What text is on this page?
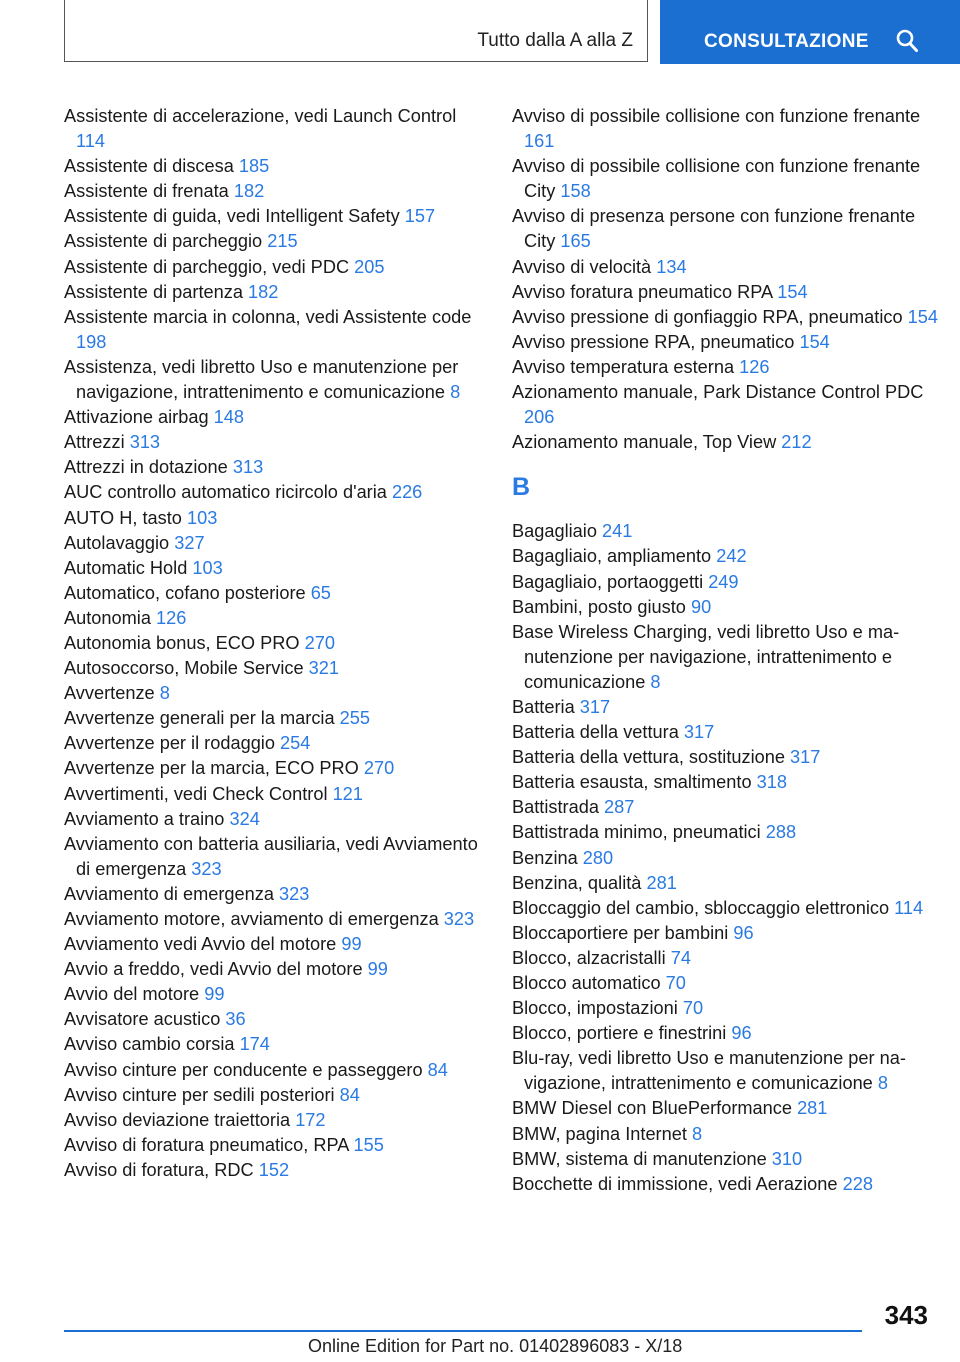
Tutto dalla A alla Z	CONSULTAZIONE
Assistente di accelerazione, vedi Launch Control 114
Assistente di discesa 185
Assistente di frenata 182
Assistente di guida, vedi Intelligent Safety 157
Assistente di parcheggio 215
Assistente di parcheggio, vedi PDC 205
Assistente di partenza 182
Assistente marcia in colonna, vedi Assistente code 198
Assistenza, vedi libretto Uso e manutenzione per navigazione, intrattenimento e comunicazione 8
Attivazione airbag 148
Attrezzi 313
Attrezzi in dotazione 313
AUC controllo automatico ricircolo d'aria 226
AUTO H, tasto 103
Autolavaggio 327
Automatic Hold 103
Automatico, cofano posteriore 65
Autonomia 126
Autonomia bonus, ECO PRO 270
Autosoccorso, Mobile Service 321
Avvertenze 8
Avvertenze generali per la marcia 255
Avvertenze per il rodaggio 254
Avvertenze per la marcia, ECO PRO 270
Avvertimenti, vedi Check Control 121
Avviamento a traino 324
Avviamento con batteria ausiliaria, vedi Avviamento di emergenza 323
Avviamento di emergenza 323
Avviamento motore, avviamento di emergenza 323
Avviamento vedi Avvio del motore 99
Avvio a freddo, vedi Avvio del motore 99
Avvio del motore 99
Avvisatore acustico 36
Avviso cambio corsia 174
Avviso cinture per conducente e passeggero 84
Avviso cinture per sedili posteriori 84
Avviso deviazione traiettoria 172
Avviso di foratura pneumatico, RPA 155
Avviso di foratura, RDC 152
Avviso di possibile collisione con funzione frenante 161
Avviso di possibile collisione con funzione frenante City 158
Avviso di presenza persone con funzione frenante City 165
Avviso di velocità 134
Avviso foratura pneumatico RPA 154
Avviso pressione di gonfiaggio RPA, pneumatico 154
Avviso pressione RPA, pneumatico 154
Avviso temperatura esterna 126
Azionamento manuale, Park Distance Control PDC 206
Azionamento manuale, Top View 212
B
Bagagliaio 241
Bagagliaio, ampliamento 242
Bagagliaio, portaoggetti 249
Bambini, posto giusto 90
Base Wireless Charging, vedi libretto Uso e manutenzione per navigazione, intrattenimento e comunicazione 8
Batteria 317
Batteria della vettura 317
Batteria della vettura, sostituzione 317
Batteria esausta, smaltimento 318
Battistrada 287
Battistrada minimo, pneumatici 288
Benzina 280
Benzina, qualità 281
Bloccaggio del cambio, sbloccaggio elettronico 114
Bloccaportiere per bambini 96
Blocco, alzacristalli 74
Blocco automatico 70
Blocco, impostazioni 70
Blocco, portiere e finestrini 96
Blu-ray, vedi libretto Uso e manutenzione per navigazione, intrattenimento e comunicazione 8
BMW Diesel con BluePerformance 281
BMW, pagina Internet 8
BMW, sistema di manutenzione 310
Bocchette di immissione, vedi Aerazione 228
343
Online Edition for Part no. 01402896083 - X/18
